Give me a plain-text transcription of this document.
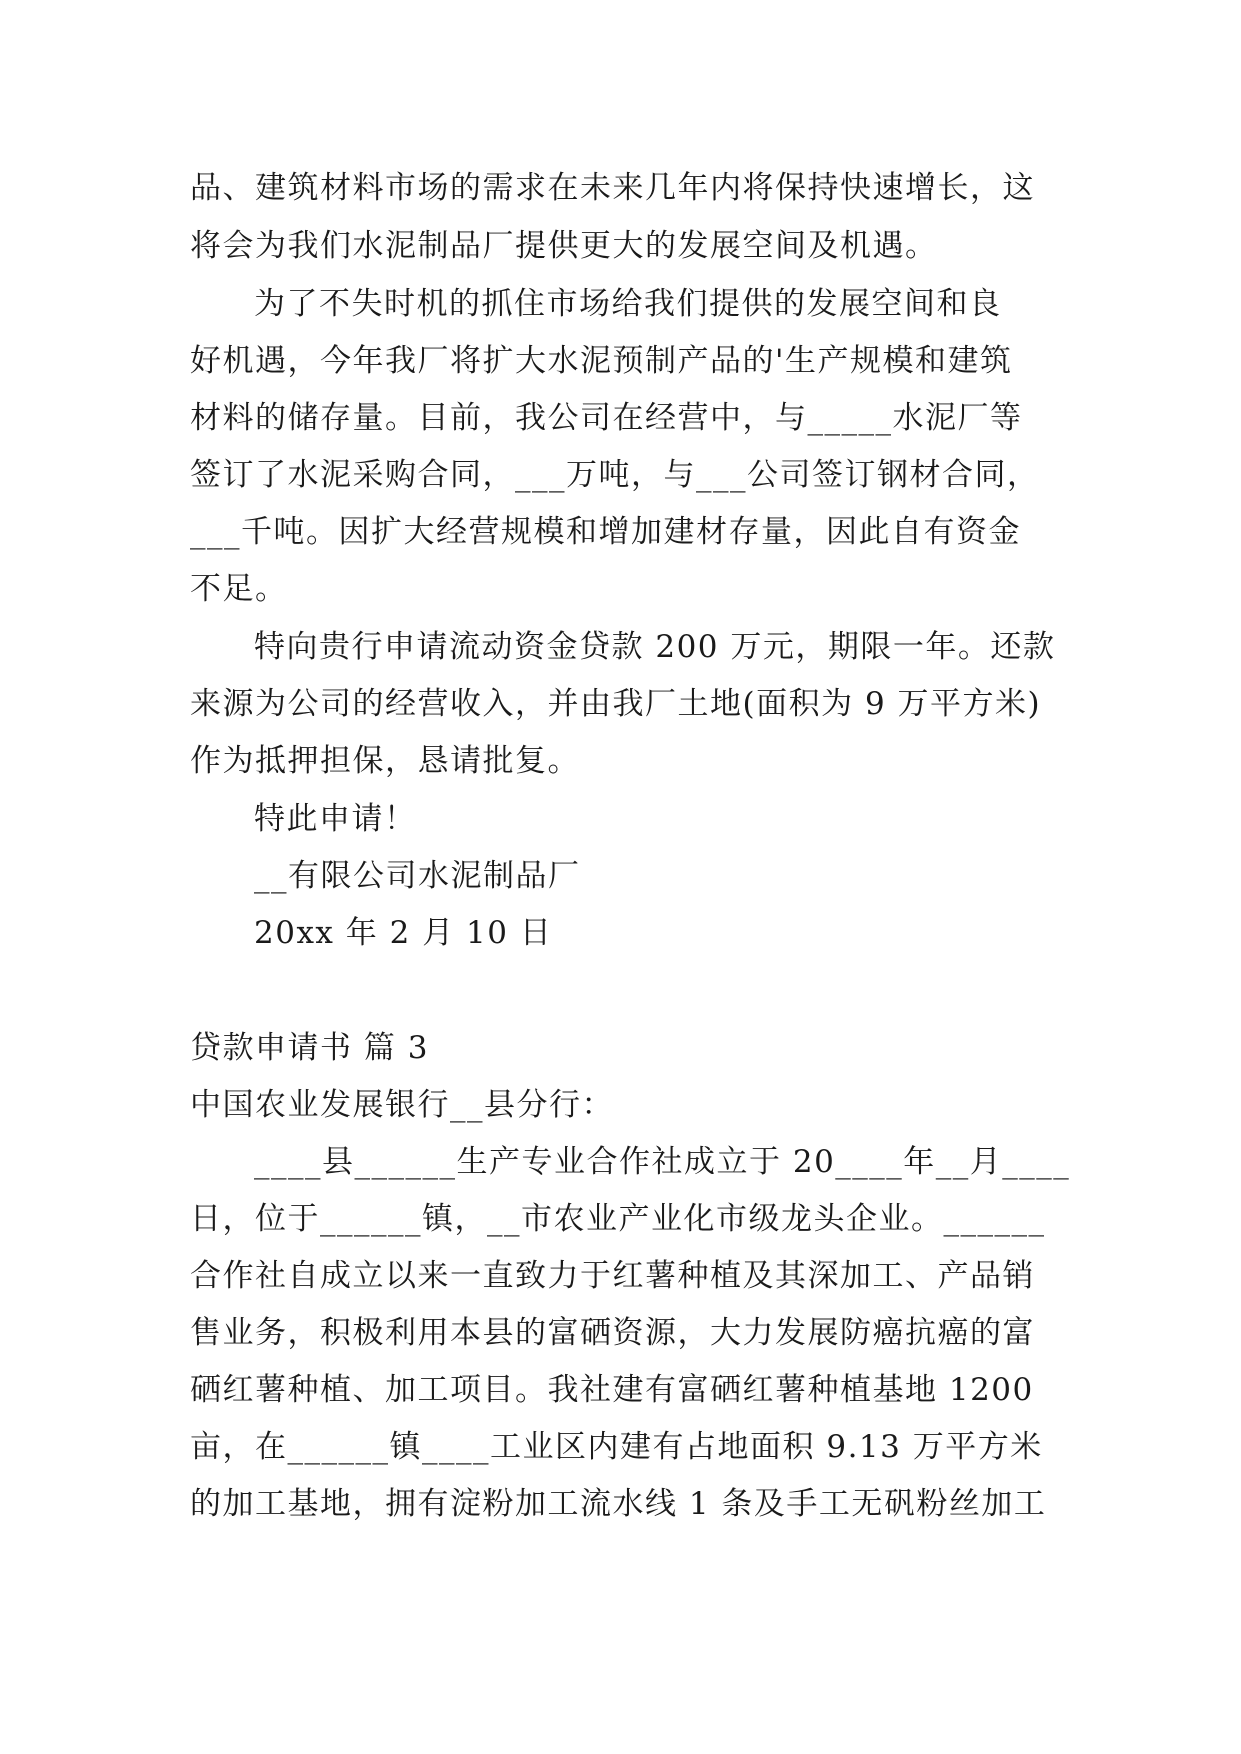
品、建筑材料市场的需求在未来几年内将保持快速增长，这
将会为我们水泥制品厂提供更大的发展空间及机遇。
为了不失时机的抓住市场给我们提供的发展空间和良
好机遇，今年我厂将扩大水泥预制产品的'生产规模和建筑
材料的储存量。目前，我公司在经营中，与_____水泥厂等
签订了水泥采购合同，___万吨，与___公司签订钢材合同，
___千吨。因扩大经营规模和增加建材存量，因此自有资金
不足。
特向贵行申请流动资金贷款 200 万元，期限一年。还款
来源为公司的经营收入，并由我厂土地(面积为 9 万平方米)
作为抵押担保，恳请批复。
特此申请！
__有限公司水泥制品厂
20xx 年 2 月 10 日
贷款申请书 篇 3
中国农业发展银行__县分行：
____县______生产专业合作社成立于 20____年__月____
日，位于______镇，__市农业产业化市级龙头企业。______
合作社自成立以来一直致力于红薯种植及其深加工、产品销
售业务，积极利用本县的富硒资源，大力发展防癌抗癌的富
硒红薯种植、加工项目。我社建有富硒红薯种植基地 1200
亩，在______镇____工业区内建有占地面积 9.13 万平方米
的加工基地，拥有淀粉加工流水线 1 条及手工无矾粉丝加工
